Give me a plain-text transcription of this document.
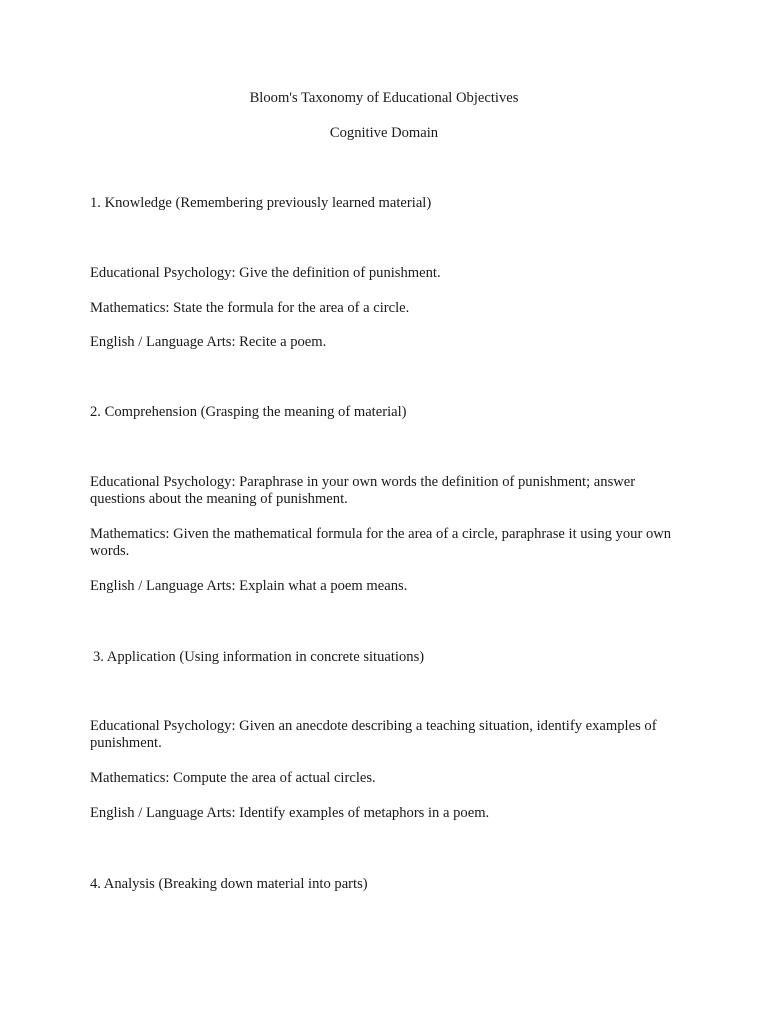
Bloom's Taxonomy of Educational Objectives
Cognitive Domain
1. Knowledge (Remembering previously learned material)
Educational Psychology: Give the definition of punishment.
Mathematics: State the formula for the area of a circle.
English / Language Arts: Recite a poem.
2. Comprehension (Grasping the meaning of material)
Educational Psychology: Paraphrase in your own words the definition of punishment; answer questions about the meaning of punishment.
Mathematics: Given the mathematical formula for the area of a circle, paraphrase it using your own words.
English / Language Arts: Explain what a poem means.
3. Application (Using information in concrete situations)
Educational Psychology: Given an anecdote describing a teaching situation, identify examples of punishment.
Mathematics: Compute the area of actual circles.
English / Language Arts: Identify examples of metaphors in a poem.
4. Analysis (Breaking down material into parts)
